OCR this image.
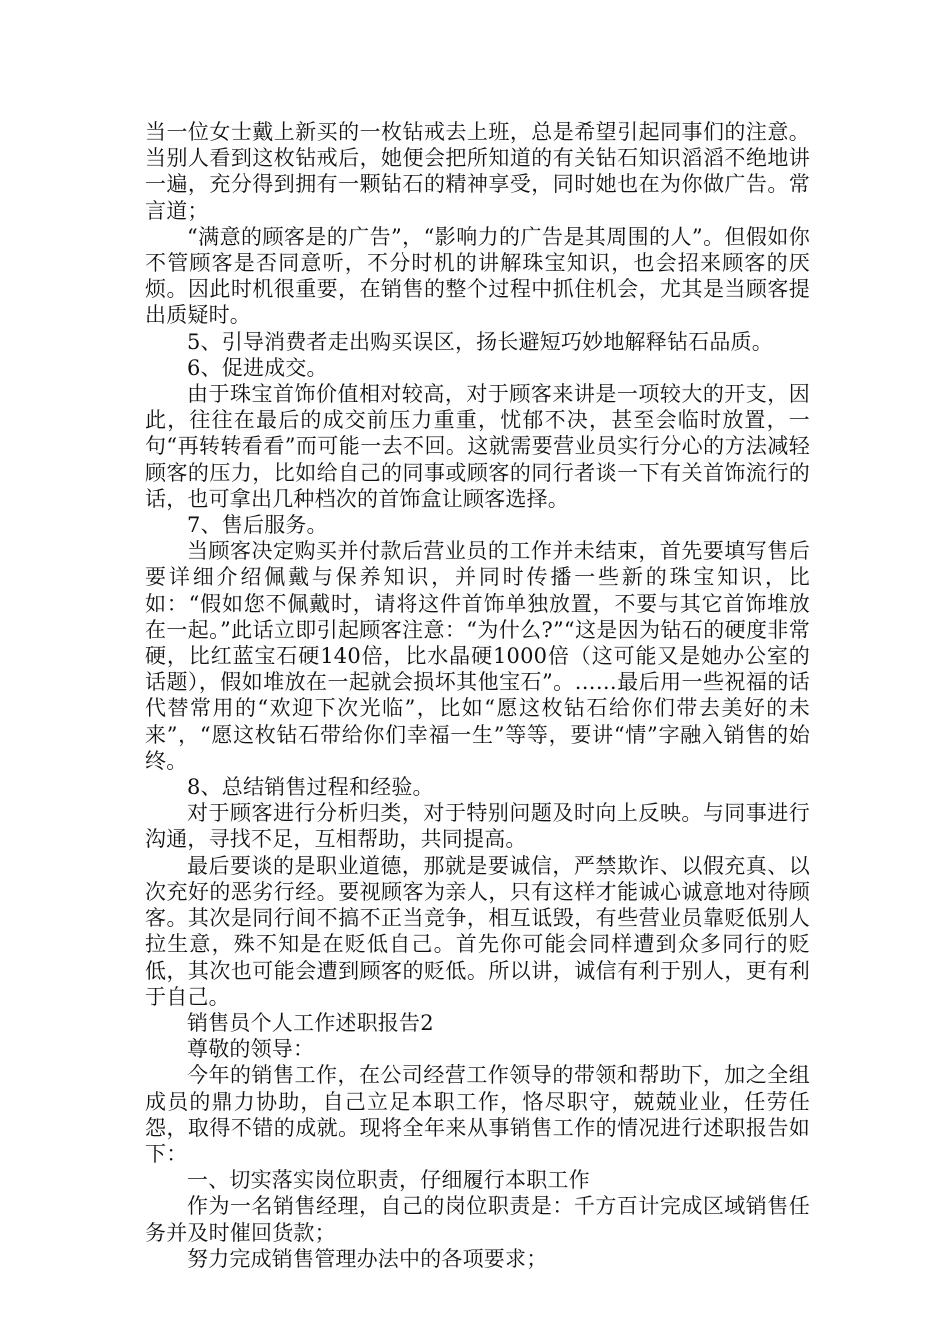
当一位女士戴上新买的一枚钻戒去上班，总是希望引起同事们的注意。当别人看到这枚钻戒后，她便会把所知道的有关钻石知识滔滔不绝地讲一遍，充分得到拥有一颗钻石的精神享受，同时她也在为你做广告。常言道；

“满意的顾客是的广告”，“影响力的广告是其周围的人”。但假如你不管顾客是否同意听，不分时机的讲解珠宝知识，也会招来顾客的厌烦。因此时机很重要，在销售的整个过程中抓住机会，尤其是当顾客提出质疑时。

5、引导消费者走出购买误区，扬长避短巧妙地解释钻石品质。

6、促进成交。

由于珠宝首饰价值相对较高，对于顾客来讲是一项较大的开支，因此，往往在最后的成交前压力重重，忧郁不决，甚至会临时放置，一句“再转转看看”而可能一去不回。这就需要营业员实行分心的方法减轻顾客的压力，比如给自己的同事或顾客的同行者谈一下有关首饰流行的话，也可拿出几种档次的首饰盒让顾客选择。

7、售后服务。

当顾客决定购买并付款后营业员的工作并未结束，首先要填写售后要详细介绍佩戴与保养知识，并同时传播一些新的珠宝知识，比如：“假如您不佩戴时，请将这件首饰单独放置，不要与其它首饰堆放在一起。”此话立即引起顾客注意：“为什么?”“这是因为钻石的硬度非常硬，比红蓝宝石硬140倍，比水晶硬1000倍（这可能又是她办公室的话题），假如堆放在一起就会损坏其他宝石”。……最后用一些祝福的话代替常用的“欢迎下次光临”，比如“愿这枚钻石给你们带去美好的未来”，“愿这枚钻石带给你们幸福一生”等等，要讲“情”字融入销售的始终。

8、总结销售过程和经验。

对于顾客进行分析归类，对于特别问题及时向上反映。与同事进行沟通，寻找不足，互相帮助，共同提高。

最后要谈的是职业道德，那就是要诚信，严禁欺诈、以假充真、以次充好的恶劣行经。要视顾客为亲人，只有这样才能诚心诚意地对待顾客。其次是同行间不搞不正当竞争，相互诋毁，有些营业员靠贬低别人拉生意，殊不知是在贬低自己。首先你可能会同样遭到众多同行的贬低，其次也可能会遭到顾客的贬低。所以讲，诚信有利于别人，更有利于自己。

销售员个人工作述职报告2

尊敬的领导：

今年的销售工作，在公司经营工作领导的带领和帮助下，加之全组成员的鼎力协助，自己立足本职工作，恪尽职守，兢兢业业，任劳任怨，取得不错的成就。现将全年来从事销售工作的情况进行述职报告如下：

一、切实落实岗位职责，仔细履行本职工作

作为一名销售经理，自己的岗位职责是：千方百计完成区域销售任务并及时催回货款；

努力完成销售管理办法中的各项要求；
